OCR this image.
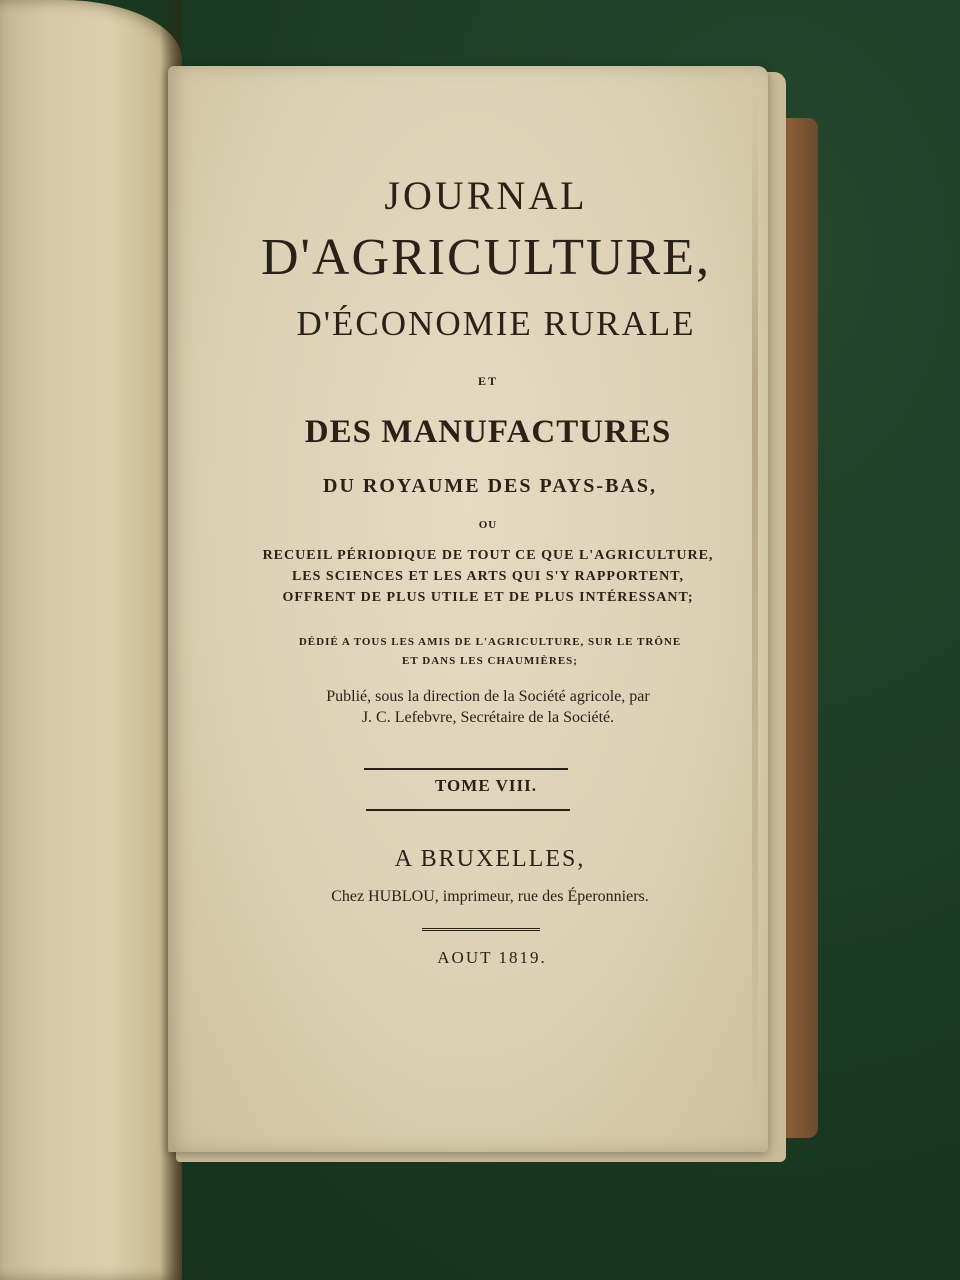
JOURNAL
D'AGRICULTURE,
D'ÉCONOMIE RURALE
ET
DES MANUFACTURES
DU ROYAUME DES PAYS-BAS,
OU
RECUEIL PÉRIODIQUE DE TOUT CE QUE L'AGRICULTURE,
LES SCIENCES ET LES ARTS QUI S'Y RAPPORTENT,
OFFRENT DE PLUS UTILE ET DE PLUS INTÉRESSANT;
DÉDIÉ A TOUS LES AMIS DE L'AGRICULTURE, SUR LE TRÔNE
ET DANS LES CHAUMIÈRES;
Publié, sous la direction de la Société agricole, par
J. C. Lefebvre, Secrétaire de la Société.
TOME VIII.
A BRUXELLES,
Chez HUBLOU, imprimeur, rue des Éperonniers.
AOUT 1819.
